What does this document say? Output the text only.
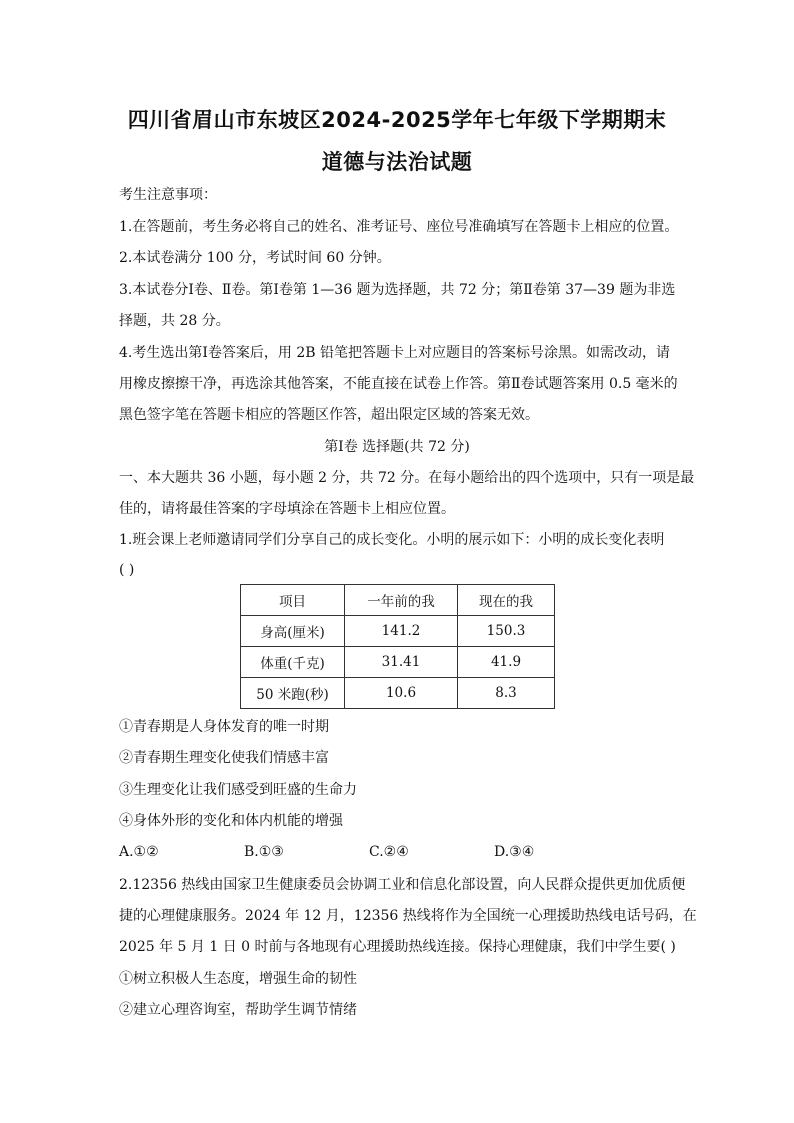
四川省眉山市东坡区2024-2025学年七年级下学期期末
道德与法治试题
考生注意事项：
1.在答题前，考生务必将自己的姓名、准考证号、座位号准确填写在答题卡上相应的位置。
2.本试卷满分 100 分，考试时间 60 分钟。
3.本试卷分Ⅰ卷、Ⅱ卷。第Ⅰ卷第 1—36 题为选择题，共 72 分；第Ⅱ卷第 37—39 题为非选
择题，共 28 分。
4.考生选出第Ⅰ卷答案后，用 2B 铅笔把答题卡上对应题目的答案标号涂黑。如需改动，请
用橡皮擦擦干净，再选涂其他答案，不能直接在试卷上作答。第Ⅱ卷试题答案用 0.5 毫米的
黑色签字笔在答题卡相应的答题区作答，超出限定区域的答案无效。
第Ⅰ卷 选择题(共 72 分)
一、本大题共 36 小题，每小题 2 分，共 72 分。在每小题给出的四个选项中，只有一项是最
佳的，请将最佳答案的字母填涂在答题卡上相应位置。
1.班会课上老师邀请同学们分享自己的成长变化。小明的展示如下：小明的成长变化表明
( )
项目	一年前的我	现在的我
身高(厘米)	141.2	150.3
体重(千克)	31.41	41.9
50 米跑(秒)	10.6	8.3
①青春期是人身体发育的唯一时期
②青春期生理变化使我们情感丰富
③生理变化让我们感受到旺盛的生命力
④身体外形的变化和体内机能的增强
A.①②	B.①③	C.②④	D.③④
2.12356 热线由国家卫生健康委员会协调工业和信息化部设置，向人民群众提供更加优质便
捷的心理健康服务。2024 年 12 月，12356 热线将作为全国统一心理援助热线电话号码，在
2025 年 5 月 1 日 0 时前与各地现有心理援助热线连接。保持心理健康，我们中学生要( )
①树立积极人生态度，增强生命的韧性
②建立心理咨询室，帮助学生调节情绪
